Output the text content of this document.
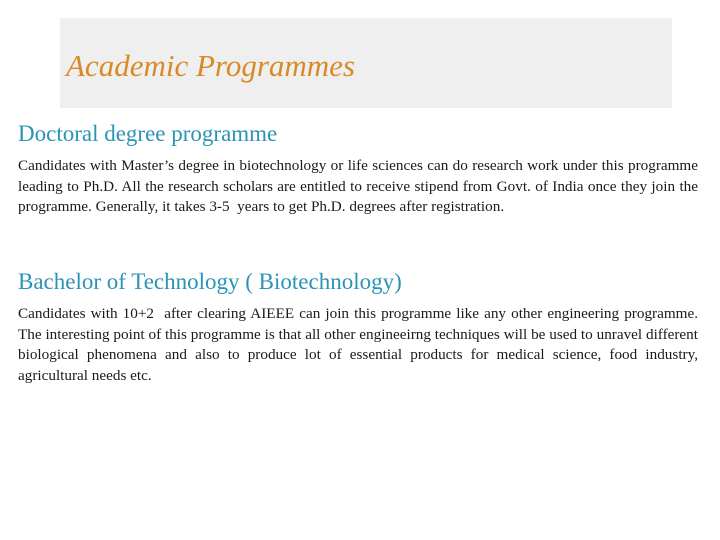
Academic Programmes
Doctoral degree programme

Candidates with Master’s degree in biotechnology or life sciences can do research work under this programme leading to Ph.D. All the research scholars are entitled to receive stipend from Govt. of India once they join the programme. Generally, it takes 3-5  years to get Ph.D. degrees after registration.

Bachelor of Technology ( Biotechnology)

Candidates with 10+2  after clearing AIEEE can join this programme like any other engineering programme. The interesting point of this programme is that all other engineeirng techniques will be used to unravel different biological phenomena and also to produce lot of essential products for medical science, food industry, agricultural needs etc.
